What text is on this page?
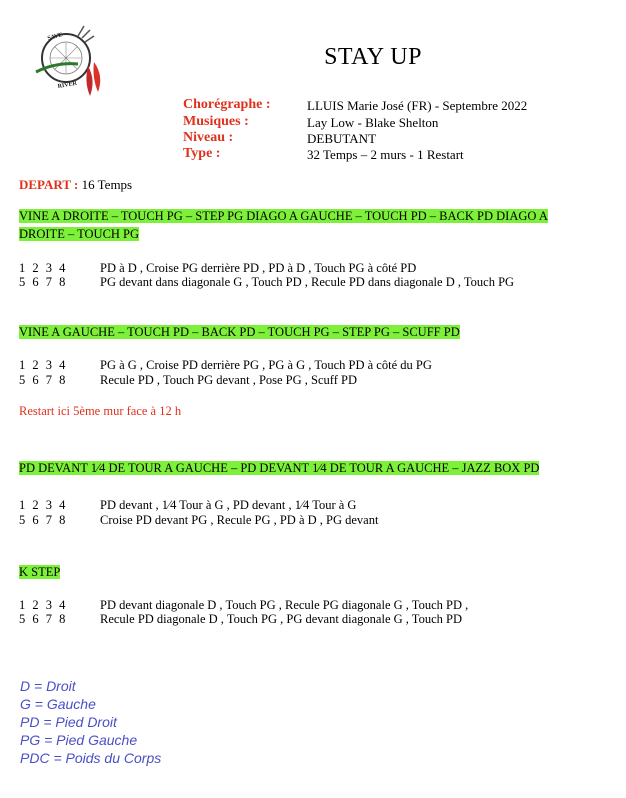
SAVE
RIVER
STAY UP
Chorégraphe :	LLUIS Marie José (FR) - Septembre 2022
Musiques :	Lay Low - Blake Shelton
Niveau :	DEBUTANT
Type :	32 Temps – 2 murs - 1 Restart
DEPART : 16 Temps
VINE A DROITE – TOUCH PG – STEP PG DIAGO A GAUCHE – TOUCH PD – BACK PD DIAGO A
DROITE – TOUCH PG
1 2 3 4	PD à D , Croise PG derrière PD , PD à D , Touch PG à côté PD
5 6 7 8	PG devant dans diagonale G , Touch PD , Recule PD dans diagonale D , Touch PG
VINE A GAUCHE – TOUCH PD – BACK PD – TOUCH PG – STEP PG – SCUFF PD
1 2 3 4	PG à G , Croise PD derrière PG , PG à G , Touch PD à côté du PG
5 6 7 8	Recule PD , Touch PG devant , Pose PG , Scuff PD
Restart ici 5ème mur face à 12 h
PD DEVANT 1⁄4 DE TOUR A GAUCHE – PD DEVANT 1⁄4 DE TOUR A GAUCHE – JAZZ BOX PD
1 2 3 4	PD devant , 1⁄4 Tour à G , PD devant , 1⁄4 Tour à G
5 6 7 8	Croise PD devant PG , Recule PG , PD à D , PG devant
K STEP
1 2 3 4	PD devant diagonale D , Touch PG , Recule PG diagonale G , Touch PD ,
5 6 7 8	Recule PD diagonale D , Touch PG , PG devant diagonale G , Touch PD
D = Droit
G = Gauche
PD = Pied Droit
PG = Pied Gauche
PDC = Poids du Corps
